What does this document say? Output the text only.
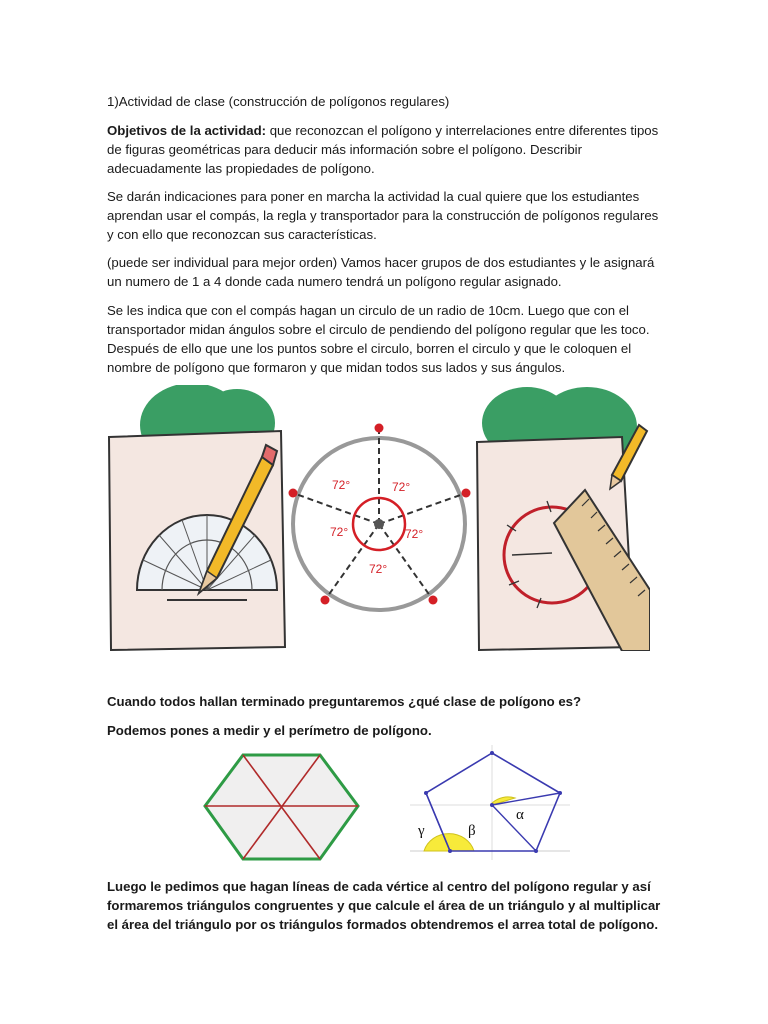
1)Actividad de clase (construcción de polígonos regulares)

Objetivos de la actividad: que reconozcan el polígono y interrelaciones entre diferentes tipos de figuras geométricas para deducir más información sobre el polígono. Describir adecuadamente las propiedades de polígono.

Se darán indicaciones para poner en marcha la actividad la cual quiere que los estudiantes aprendan usar el compás, la regla y transportador para la construcción de polígonos regulares y con ello que reconozcan sus características.

(puede ser individual para mejor orden) Vamos hacer grupos de dos estudiantes y le asignará un numero de 1 a 4 donde cada numero tendrá un polígono regular asignado.

Se les indica que con el compás hagan un circulo de un radio de 10cm. Luego que con el transportador midan ángulos sobre el circulo de pendiendo del polígono regular que les toco. Después de ello que une los puntos sobre el circulo, borren el circulo y que le coloquen el nombre de polígono que formaron y que midan todos sus lados y sus ángulos.

72°	72°
72°	72°
72°

Cuando todos hallan terminado preguntaremos ¿qué clase de polígono es?

Podemos pones a medir y el perímetro de polígono.

α
β
γ

Luego le pedimos que hagan líneas de cada vértice al centro del polígono regular y así formaremos triángulos congruentes y que calcule el área de un triángulo y al multiplicar el área del triángulo por os triángulos formados obtendremos el arrea total de polígono.
